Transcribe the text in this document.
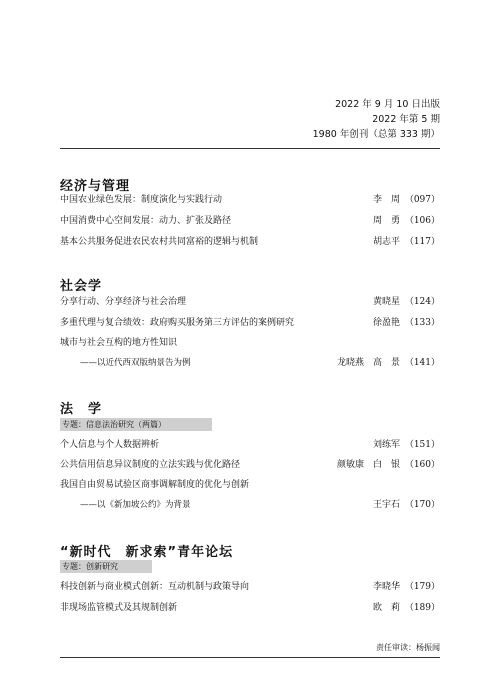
2022 年 9 月 10 日出版
2022 年第 5 期
1980 年创刊（总第 333 期）
经济与管理
中国农业绿色发展：制度演化与实践行动	李　周 （097）
中国消费中心空间发展：动力、扩张及路径	周　勇 （106）
基本公共服务促进农民农村共同富裕的逻辑与机制	胡志平 （117）
社会学
分享行动、分享经济与社会治理	黄晓星 （124）
多重代理与复合绩效：政府购买服务第三方评估的案例研究	徐盈艳 （133）
城市与社会互构的地方性知识
——以近代西双版纳景告为例	龙晓燕　高　景 （141）
法　学
专题：信息法治研究（两篇）
个人信息与个人数据辨析	刘练军 （151）
公共信用信息异议制度的立法实践与优化路径	颜敏康　白　银 （160）
我国自由贸易试验区商事调解制度的优化与创新
——以《新加坡公约》为背景	王宇石 （170）
“新时代　新求索”青年论坛
专题：创新研究
科技创新与商业模式创新：互动机制与政策导向	李晓华 （179）
非现场监管模式及其规制创新	欧　莉 （189）
责任审读：杨振闻
